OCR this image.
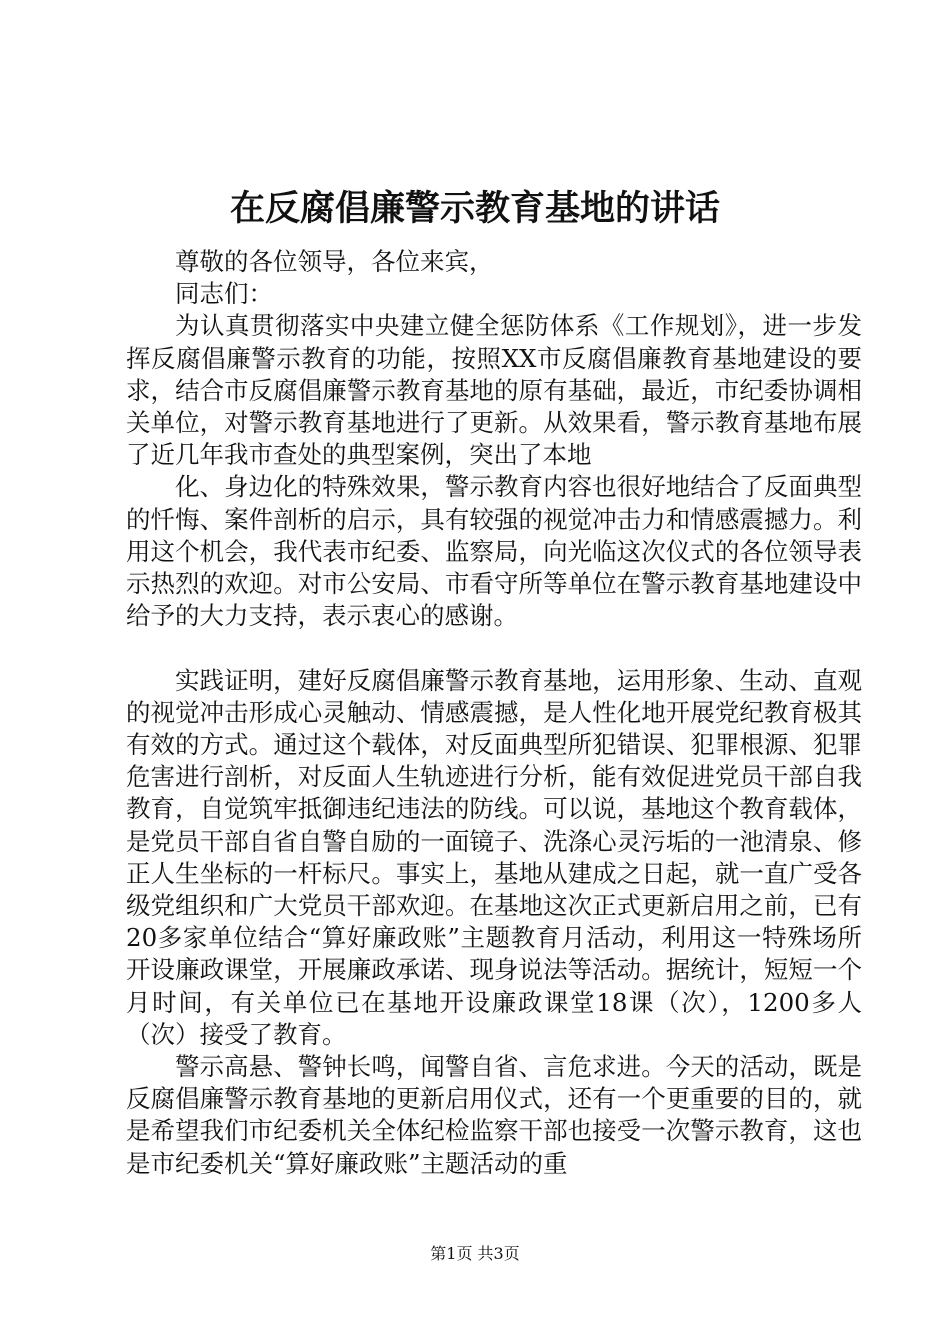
在反腐倡廉警示教育基地的讲话

尊敬的各位领导，各位来宾，

同志们：

为认真贯彻落实中央建立健全惩防体系《工作规划》，进一步发挥反腐倡廉警示教育的功能，按照XX市反腐倡廉教育基地建设的要求，结合市反腐倡廉警示教育基地的原有基础，最近，市纪委协调相关单位，对警示教育基地进行了更新。从效果看，警示教育基地布展了近几年我市查处的典型案例，突出了本地

化、身边化的特殊效果，警示教育内容也很好地结合了反面典型的忏悔、案件剖析的启示，具有较强的视觉冲击力和情感震撼力。利用这个机会，我代表市纪委、监察局，向光临这次仪式的各位领导表示热烈的欢迎。对市公安局、市看守所等单位在警示教育基地建设中给予的大力支持，表示衷心的感谢。

实践证明，建好反腐倡廉警示教育基地，运用形象、生动、直观的视觉冲击形成心灵触动、情感震撼，是人性化地开展党纪教育极其有效的方式。通过这个载体，对反面典型所犯错误、犯罪根源、犯罪危害进行剖析，对反面人生轨迹进行分析，能有效促进党员干部自我教育，自觉筑牢抵御违纪违法的防线。可以说，基地这个教育载体，是党员干部自省自警自励的一面镜子、洗涤心灵污垢的一池清泉、修正人生坐标的一杆标尺。事实上，基地从建成之日起，就一直广受各级党组织和广大党员干部欢迎。在基地这次正式更新启用之前，已有20多家单位结合“算好廉政账”主题教育月活动，利用这一特殊场所开设廉政课堂，开展廉政承诺、现身说法等活动。据统计，短短一个月时间，有关单位已在基地开设廉政课堂18课（次），1200多人（次）接受了教育。

警示高悬、警钟长鸣，闻警自省、言危求进。今天的活动，既是反腐倡廉警示教育基地的更新启用仪式，还有一个更重要的目的，就是希望我们市纪委机关全体纪检监察干部也接受一次警示教育，这也是市纪委机关“算好廉政账”主题活动的重

第1页 共3页
